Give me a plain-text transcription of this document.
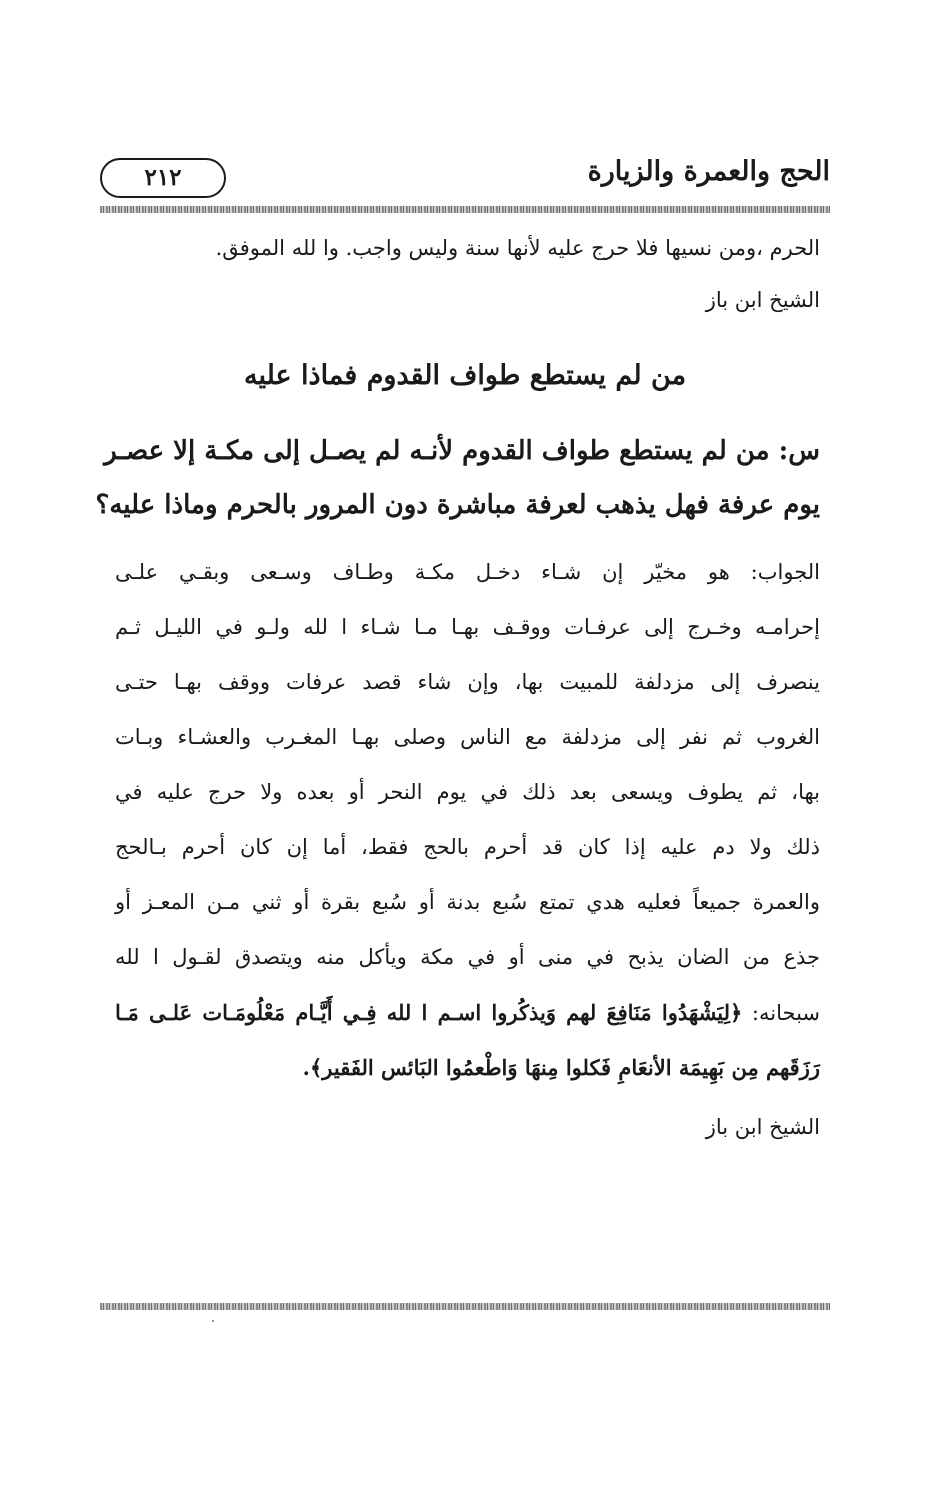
الحج والعمرة والزيارة
٢١٢
الحرم ،ومن نسيها فلا حرج عليه لأنها سنة وليس واجب. وا لله الموفق.
الشيخ ابن باز
من لم يستطع طواف القدوم فماذا عليه
س: من لم يستطع طواف القدوم لأنـه لم يصـل إلى مكـة إلا عصـر
يوم عرفة فهل يذهب لعرفة مباشرة دون المرور بالحرم وماذا عليه؟
الجواب: هو مخيّر إن شـاء دخـل مكـة وطـاف وسـعى وبقـي علـى
إحرامـه وخـرج إلى عرفـات ووقـف بهـا مـا شـاء ا لله ولـو في الليـل ثـم
ينصرف إلى مزدلفة للمبيت بها، وإن شاء قصد عرفات ووقف بهـا حتـى
الغروب ثم نفر إلى مزدلفة مع الناس وصلى بهـا المغـرب والعشـاء وبـات
بها، ثم يطوف ويسعى بعد ذلك في يوم النحر أو بعده ولا حرج عليه في
ذلك ولا دم عليه إذا كان قد أحرم بالحج فقط، أما إن كان أحرم بـالحج
والعمرة جميعاً فعليه هدي تمتع سُبع بدنة أو سُبع بقرة أو ثني مـن المعـز أو
جذع من الضان يذبح في منى أو في مكة ويأكل منه ويتصدق لقـول ا لله
سبحانه: ﴿لِيَشْهَدُوا مَنَافِعَ لهم وَيذكُروا اسـم ا لله فِـي أَيَّـام مَعْلُومَـات عَلـى مَـا
رَزَقَهم مِن بَهِيمَة الأنعَامِ فَكلوا مِنهَا وَاطْعمُوا البَائس الفَقير﴾.
الشيخ ابن باز
